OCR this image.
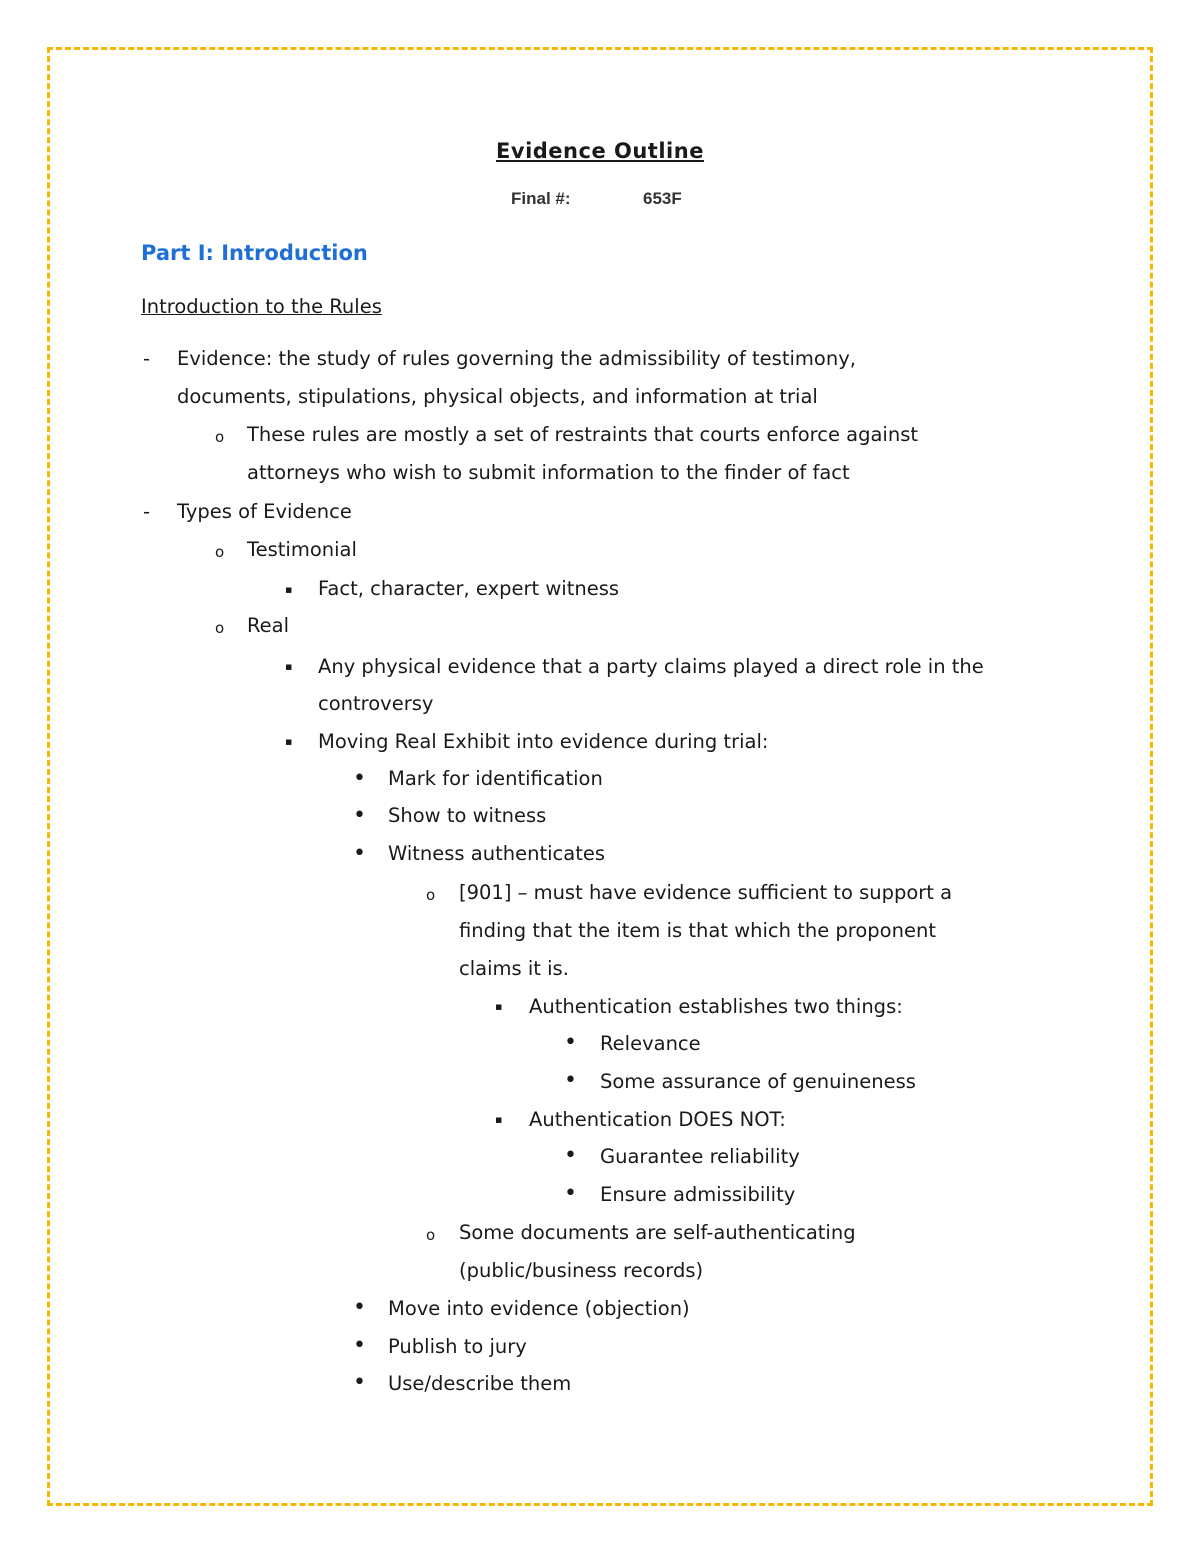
Evidence Outline
Final #:	653F
Part I: Introduction
Introduction to the Rules
-
o
-
o
▪
o
▪
▪
•
•
•
o
▪
•
•
▪
•
•
o
•
•
•
Evidence: the study of rules governing the admissibility of testimony,
documents, stipulations, physical objects, and information at trial
These rules are mostly a set of restraints that courts enforce against
attorneys who wish to submit information to the finder of fact
Types of Evidence
Testimonial
Fact, character, expert witness
Real
Any physical evidence that a party claims played a direct role in the
controversy
Moving Real Exhibit into evidence during trial:
Mark for identification
Show to witness
Witness authenticates
[901] – must have evidence sufficient to support a
finding that the item is that which the proponent
claims it is.
Authentication establishes two things:
Relevance
Some assurance of genuineness
Authentication DOES NOT:
Guarantee reliability
Ensure admissibility
Some documents are self-authenticating
(public/business records)
Move into evidence (objection)
Publish to jury
Use/describe them
